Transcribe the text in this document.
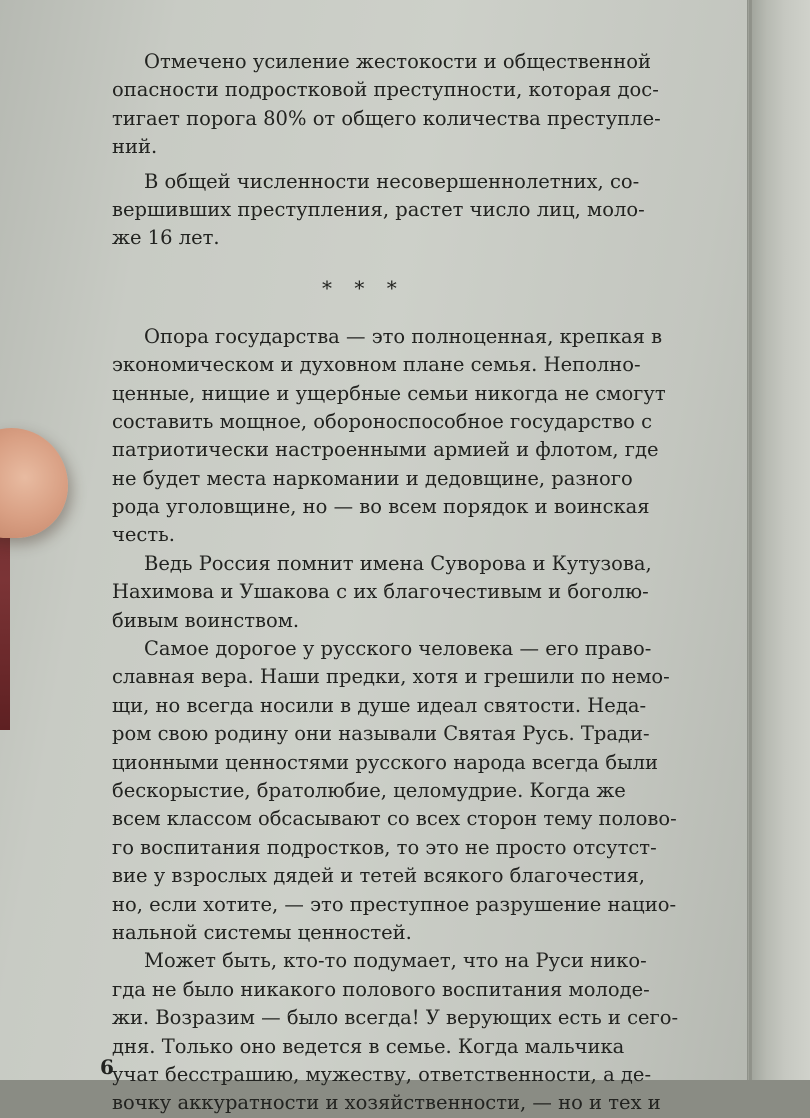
Отмечено усиление жестокости и общественной
опасности подростковой преступности, которая дос-
тигает порога 80% от общего количества преступле-
ний.
В общей численности несовершеннолетних, со-
вершивших преступления, растет число лиц, моло-
же 16 лет.
* * *
Опора государства — это полноценная, крепкая в
экономическом и духовном плане семья. Неполно-
ценные, нищие и ущербные семьи никогда не смогут
составить мощное, обороноспособное государство с
патриотически настроенными армией и флотом, где
не будет места наркомании и дедовщине, разного
рода уголовщине, но — во всем порядок и воинская
честь.
Ведь Россия помнит имена Суворова и Кутузова,
Нахимова и Ушакова с их благочестивым и боголю-
бивым воинством.
Самое дорогое у русского человека — его право-
славная вера. Наши предки, хотя и грешили по немо-
щи, но всегда носили в душе идеал святости. Неда-
ром свою родину они называли Святая Русь. Тради-
ционными ценностями русского народа всегда были
бескорыстие, братолюбие, целомудрие. Когда же
всем классом обсасывают со всех сторон тему полово-
го воспитания подростков, то это не просто отсутст-
вие у взрослых дядей и тетей всякого благочестия,
но, если хотите, — это преступное разрушение нацио-
нальной системы ценностей.
Может быть, кто-то подумает, что на Руси нико-
гда не было никакого полового воспитания молоде-
жи. Возразим — было всегда! У верующих есть и сего-
дня. Только оно ведется в семье. Когда мальчика
учат бесстрашию, мужеству, ответственности, а де-
вочку аккуратности и хозяйственности, — но и тех и
6
